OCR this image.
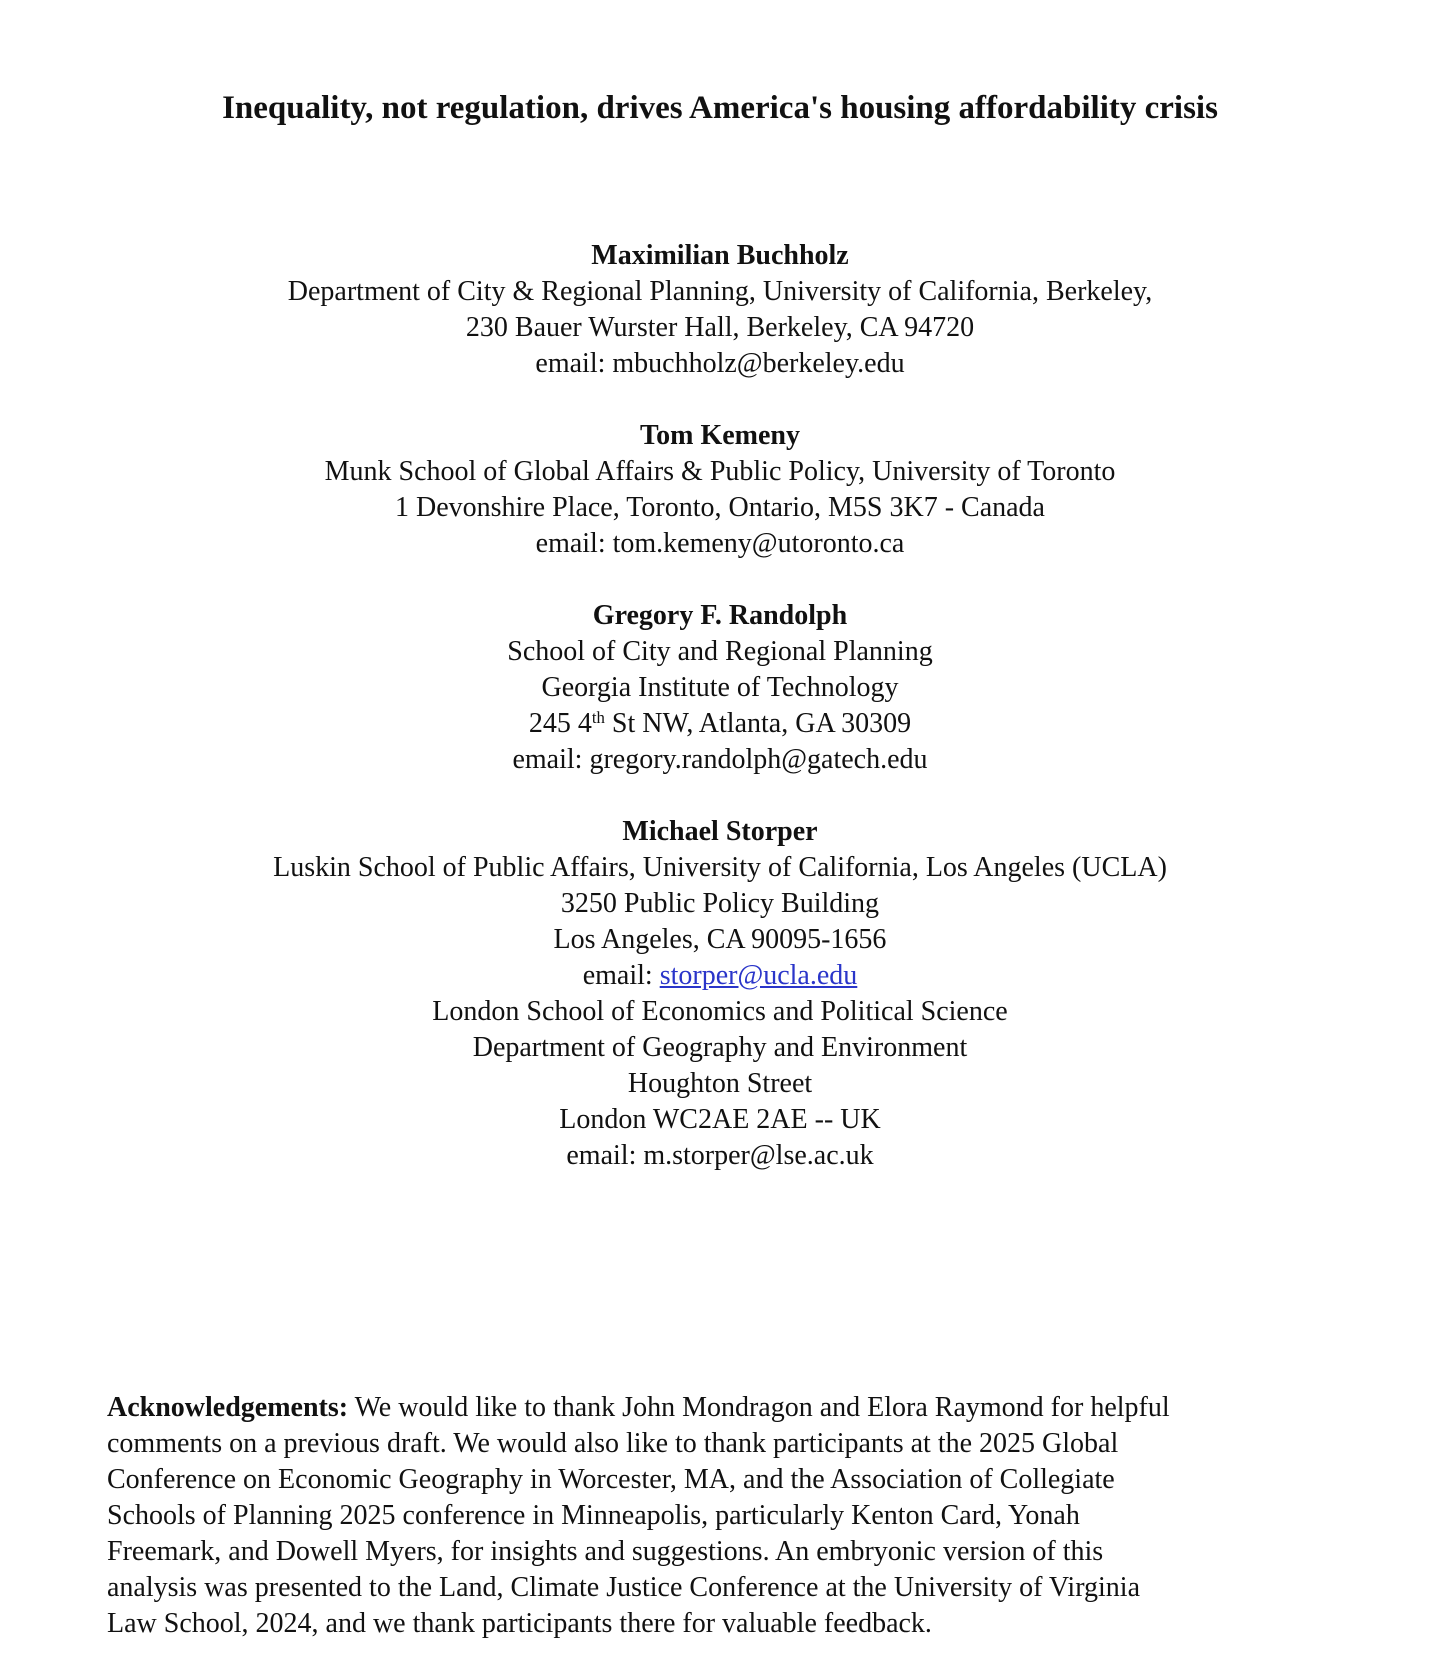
Inequality, not regulation, drives America's housing affordability crisis
Maximilian Buchholz
Department of City & Regional Planning, University of California, Berkeley,
230 Bauer Wurster Hall, Berkeley, CA 94720
email: mbuchholz@berkeley.edu
Tom Kemeny
Munk School of Global Affairs & Public Policy, University of Toronto
1 Devonshire Place, Toronto, Ontario, M5S 3K7 - Canada
email: tom.kemeny@utoronto.ca
Gregory F. Randolph
School of City and Regional Planning
Georgia Institute of Technology
245 4th St NW, Atlanta, GA 30309
email: gregory.randolph@gatech.edu
Michael Storper
Luskin School of Public Affairs, University of California, Los Angeles (UCLA)
3250 Public Policy Building
Los Angeles, CA 90095-1656
email: storper@ucla.edu
London School of Economics and Political Science
Department of Geography and Environment
Houghton Street
London WC2AE 2AE -- UK
email: m.storper@lse.ac.uk
Acknowledgements: We would like to thank John Mondragon and Elora Raymond for helpful
comments on a previous draft. We would also like to thank participants at the 2025 Global
Conference on Economic Geography in Worcester, MA, and the Association of Collegiate
Schools of Planning 2025 conference in Minneapolis, particularly Kenton Card, Yonah
Freemark, and Dowell Myers, for insights and suggestions. An embryonic version of this
analysis was presented to the Land, Climate Justice Conference at the University of Virginia
Law School, 2024, and we thank participants there for valuable feedback.
